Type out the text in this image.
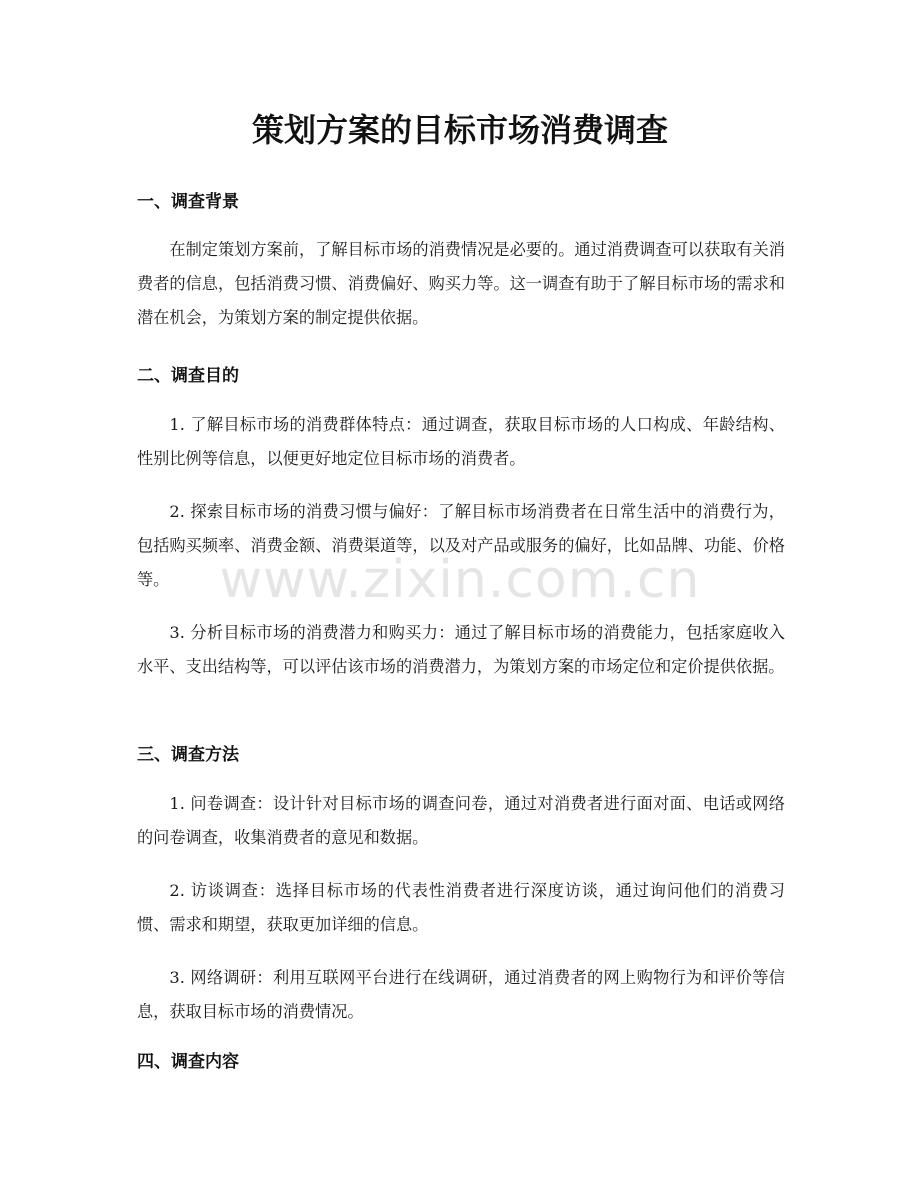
策划方案的目标市场消费调查
一、调查背景

在制定策划方案前，了解目标市场的消费情况是必要的。通过消费调查可以获取有关消费者的信息，包括消费习惯、消费偏好、购买力等。这一调查有助于了解目标市场的需求和潜在机会，为策划方案的制定提供依据。

二、调查目的

1. 了解目标市场的消费群体特点：通过调查，获取目标市场的人口构成、年龄结构、性别比例等信息，以便更好地定位目标市场的消费者。

2. 探索目标市场的消费习惯与偏好：了解目标市场消费者在日常生活中的消费行为，包括购买频率、消费金额、消费渠道等，以及对产品或服务的偏好，比如品牌、功能、价格等。

3. 分析目标市场的消费潜力和购买力：通过了解目标市场的消费能力，包括家庭收入水平、支出结构等，可以评估该市场的消费潜力，为策划方案的市场定位和定价提供依据。

三、调查方法

1. 问卷调查：设计针对目标市场的调查问卷，通过对消费者进行面对面、电话或网络的问卷调查，收集消费者的意见和数据。

2. 访谈调查：选择目标市场的代表性消费者进行深度访谈，通过询问他们的消费习惯、需求和期望，获取更加详细的信息。

3. 网络调研：利用互联网平台进行在线调研，通过消费者的网上购物行为和评价等信息，获取目标市场的消费情况。

四、调查内容
www.zixin.com.cn
